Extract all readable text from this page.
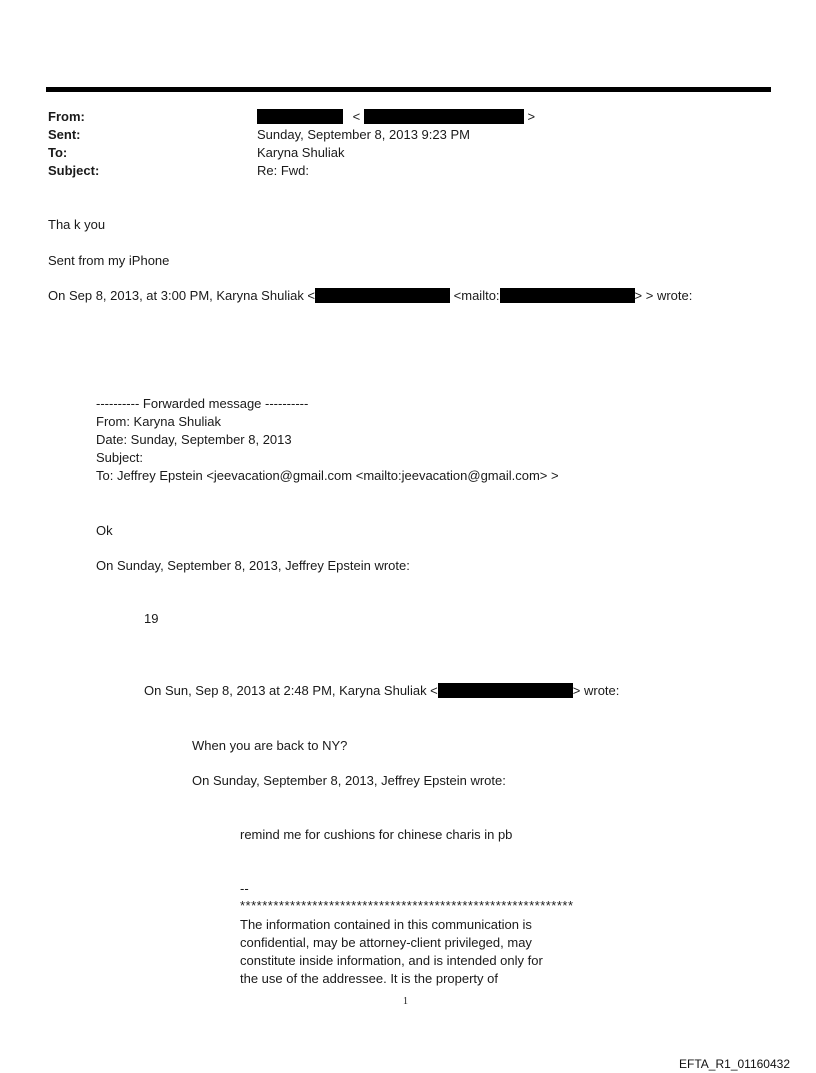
From:	<	>
Sent:	Sunday, September 8, 2013 9:23 PM
To:	Karyna Shuliak
Subject:	Re: Fwd:
Tha k you
Sent from my iPhone
On Sep 8, 2013, at 3:00 PM, Karyna Shuliak <	<mailto:	> > wrote:
---------- Forwarded message ----------
From: Karyna Shuliak
Date: Sunday, September 8, 2013
Subject:
To: Jeffrey Epstein <jeevacation@gmail.com <mailto:jeevacation@gmail.com> >
Ok
On Sunday, September 8, 2013, Jeffrey Epstein wrote:
19
On Sun, Sep 8, 2013 at 2:48 PM, Karyna Shuliak <	> wrote:
When you are back to NY?
On Sunday, September 8, 2013, Jeffrey Epstein wrote:
remind me for cushions for chinese charis in pb
--
************************************************************
The information contained in this communication is
confidential, may be attorney-client privileged, may
constitute inside information, and is intended only for
the use of the addressee. It is the property of
1
EFTA_R1_01160432
